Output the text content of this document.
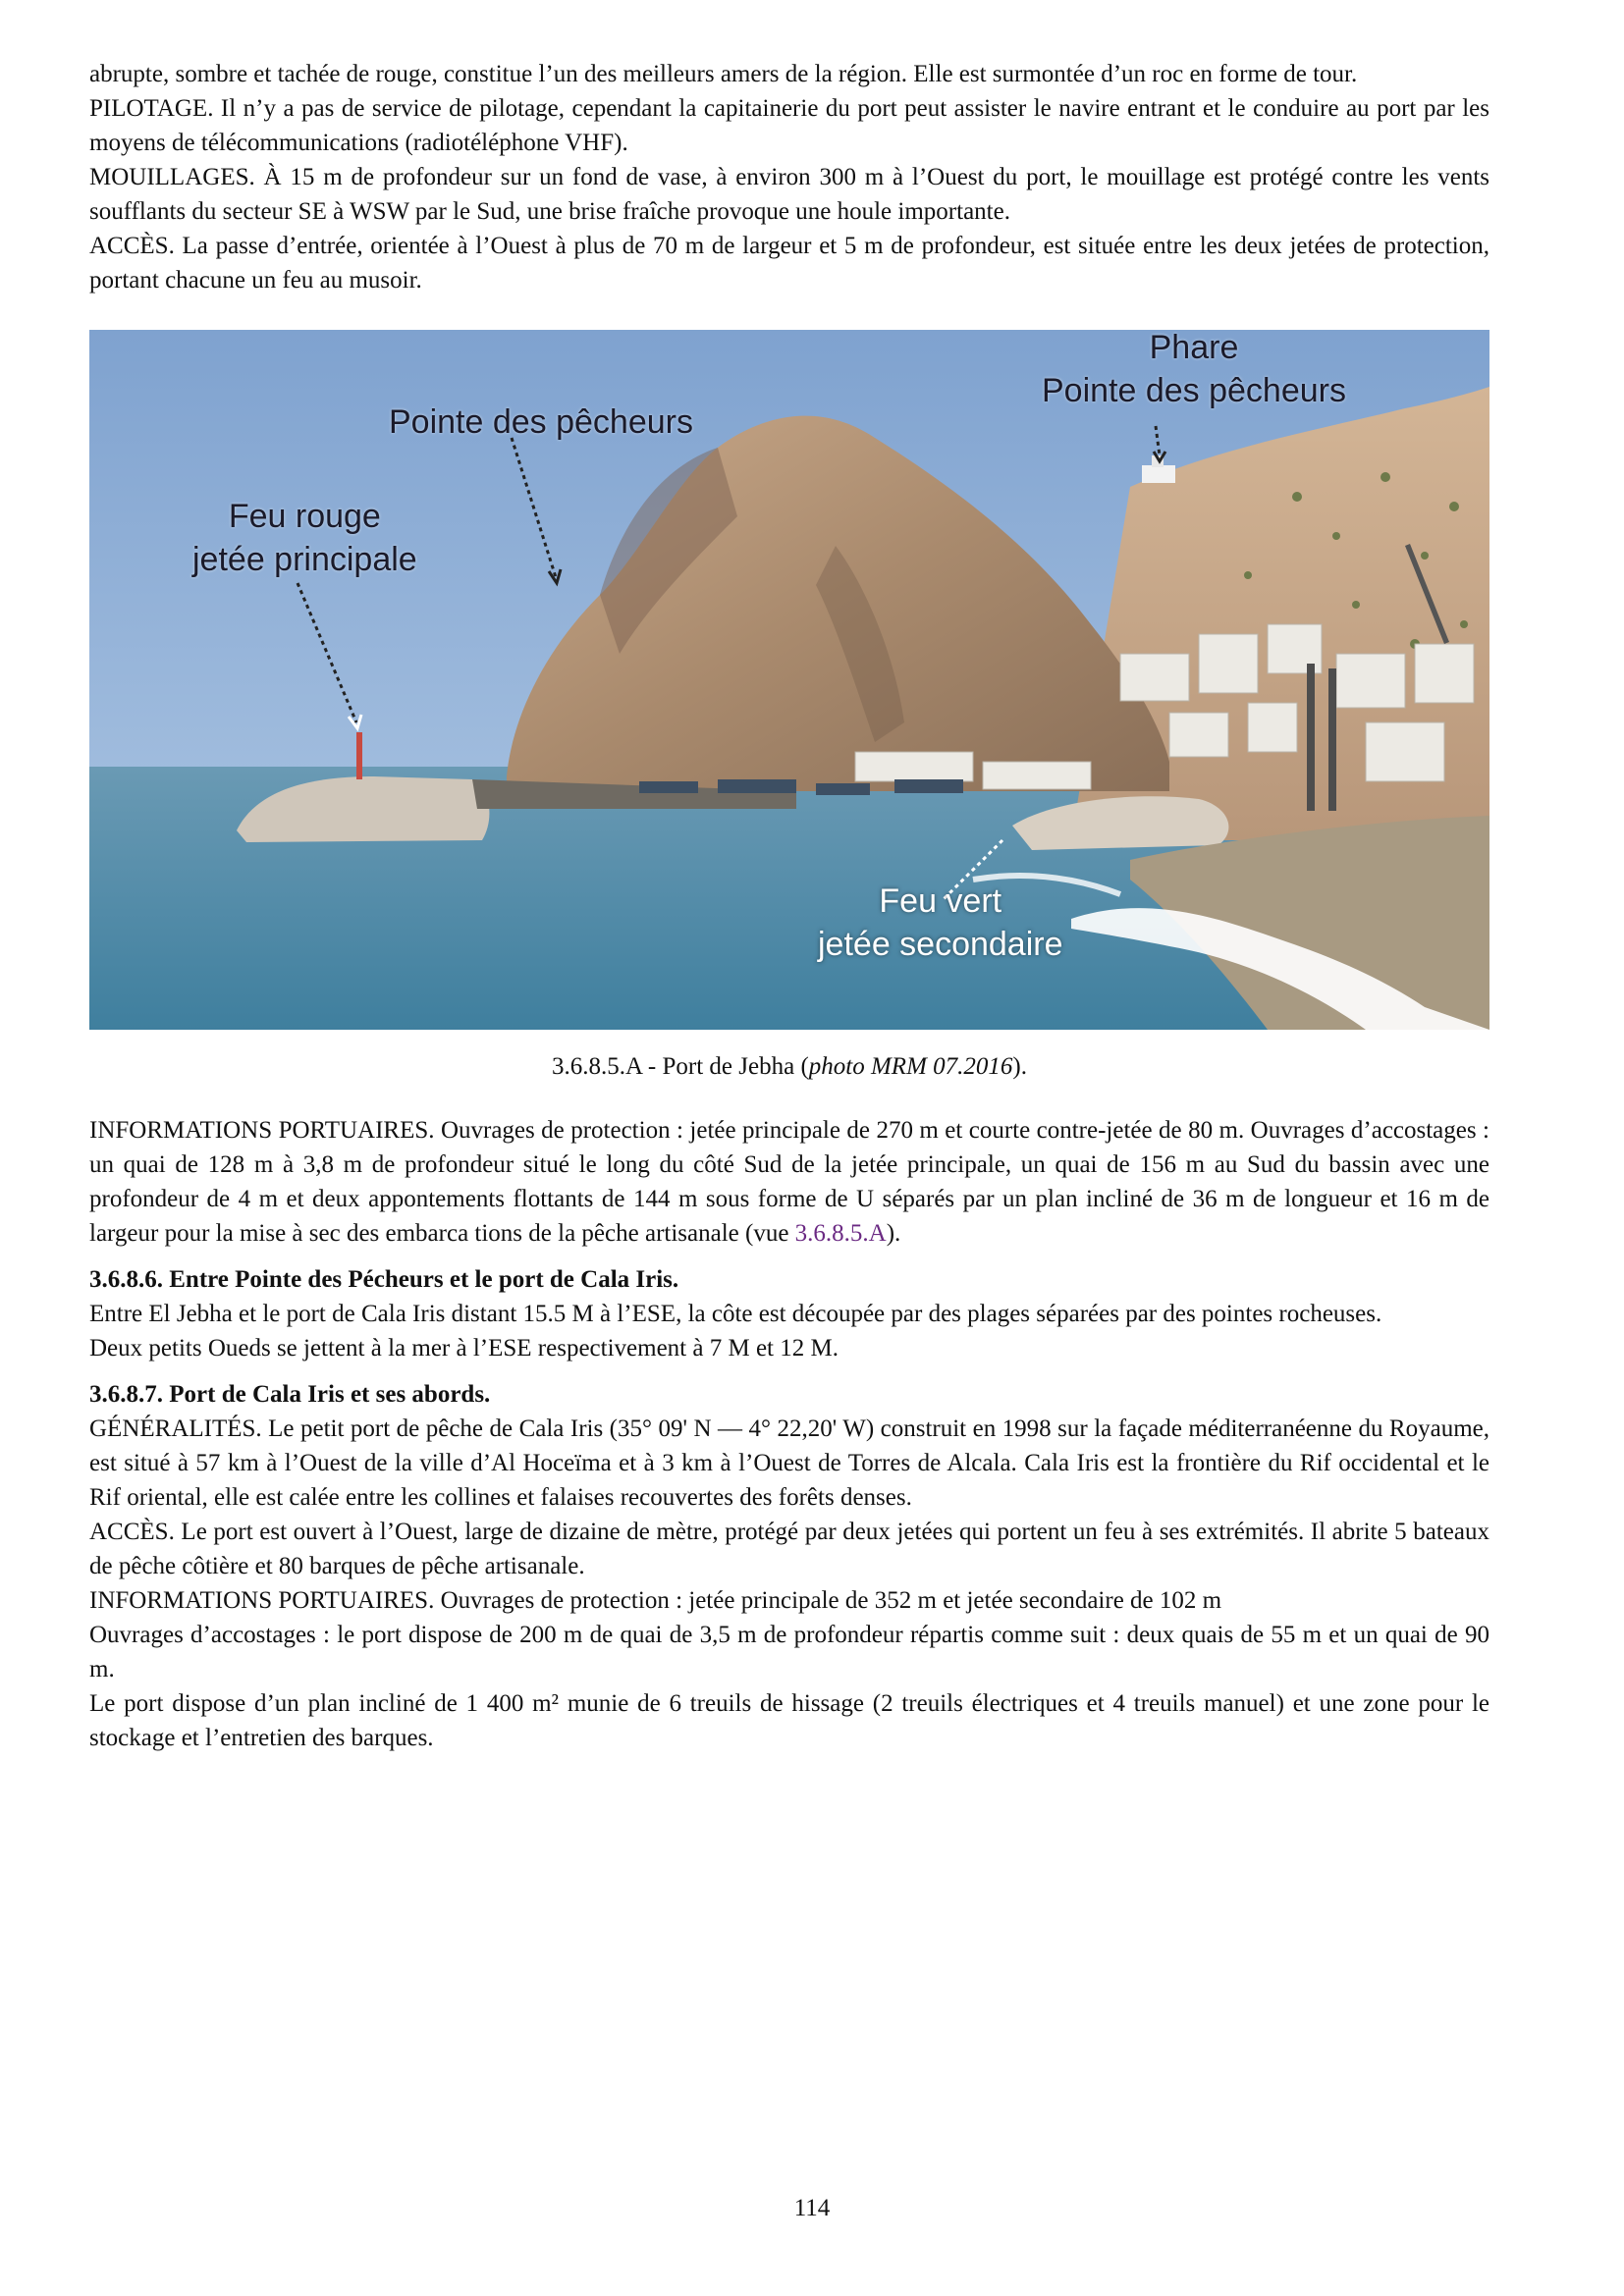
abrupte, sombre et tachée de rouge, constitue l’un des meilleurs amers de la région. Elle est surmontée d’un roc en forme de tour.

PILOTAGE. Il n’y a pas de service de pilotage, cependant la capitainerie du port peut assister le navire entrant et le conduire au port par les moyens de télécommunications (radiotéléphone VHF).

MOUILLAGES. À 15 m de profondeur sur un fond de vase, à environ 300 m à l’Ouest du port, le mouillage est protégé contre les vents soufflants du secteur SE à WSW par le Sud, une brise fraîche provoque une houle importante.

ACCÈS. La passe d’entrée, orientée à l’Ouest à plus de 70 m de largeur et 5 m de profondeur, est située entre les deux jetées de protection, portant chacune un feu au musoir.

Phare
Pointe des pêcheurs
Pointe des pêcheurs
Feu rouge
jetée principale
Feu vert
jetée secondaire

3.6.8.5.A - Port de Jebha (photo MRM 07.2016).

INFORMATIONS PORTUAIRES. Ouvrages de protection : jetée principale de 270 m et courte contre-jetée de 80 m. Ouvrages d’accostages : un quai de 128 m à 3,8 m de profondeur situé le long du côté Sud de la jetée principale, un quai de 156 m au Sud du bassin avec une profondeur de 4 m et deux appontements flottants de 144 m sous forme de U séparés par un plan incliné de 36 m de longueur et 16 m de largeur pour la mise à sec des embarca tions de la pêche artisanale (vue 3.6.8.5.A).

3.6.8.6. Entre Pointe des Pécheurs et le port de Cala Iris.

Entre El Jebha et le port de Cala Iris distant 15.5 M à l’ESE, la côte est découpée par des plages séparées par des pointes rocheuses.

Deux petits Oueds se jettent à la mer à l’ESE respectivement à 7 M et 12 M.

3.6.8.7. Port de Cala Iris et ses abords.

GÉNÉRALITÉS. Le petit port de pêche de Cala Iris (35° 09' N — 4° 22,20' W) construit en 1998 sur la façade méditerranéenne du Royaume, est situé à 57 km à l’Ouest de la ville d’Al Hoceïma et à 3 km à l’Ouest de Torres de Alcala. Cala Iris est la frontière du Rif occidental et le Rif oriental, elle est calée entre les collines et falaises recouvertes des forêts denses.

ACCÈS. Le port est ouvert à l’Ouest, large de dizaine de mètre, protégé par deux jetées qui portent un feu à ses extrémités. Il abrite 5 bateaux de pêche côtière et 80 barques de pêche artisanale.

INFORMATIONS PORTUAIRES. Ouvrages de protection : jetée principale de 352 m et jetée secondaire de 102 m

Ouvrages d’accostages : le port dispose de 200 m de quai de 3,5 m de profondeur répartis comme suit : deux quais de 55 m et un quai de 90 m.

Le port dispose d’un plan incliné de 1 400 m² munie de 6 treuils de hissage (2 treuils électriques et 4 treuils manuel) et une zone pour le stockage et l’entretien des barques.

114
